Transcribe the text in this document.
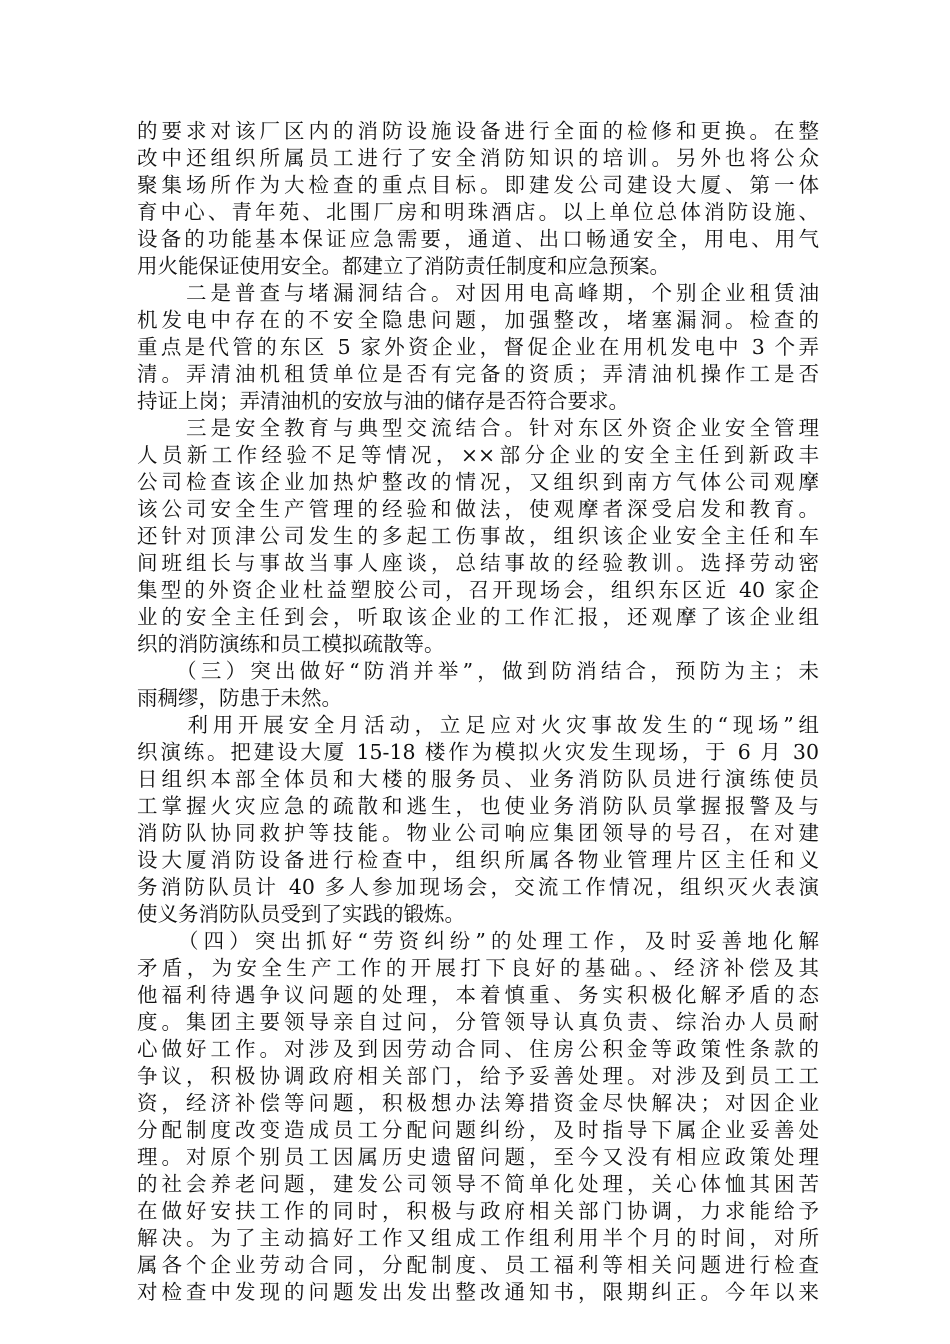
的要求对该厂区内的消防设施设备进行全面的检修和更换。在整
改中还组织所属员工进行了安全消防知识的培训。另外也将公众
聚集场所作为大检查的重点目标。即建发公司建设大厦、第一体
育中心、青年苑、北围厂房和明珠酒店。以上单位总体消防设施、
设备的功能基本保证应急需要，通道、出口畅通安全，用电、用气
用火能保证使用安全。都建立了消防责任制度和应急预案。
　　二是普查与堵漏洞结合。对因用电高峰期，个别企业租赁油
机发电中存在的不安全隐患问题，加强整改，堵塞漏洞。检查的
重点是代管的东区 5 家外资企业，督促企业在用机发电中 3 个弄
清。弄清油机租赁单位是否有完备的资质；弄清油机操作工是否
持证上岗；弄清油机的安放与油的储存是否符合要求。
　　三是安全教育与典型交流结合。针对东区外资企业安全管理
人员新工作经验不足等情况，××部分企业的安全主任到新政丰
公司检查该企业加热炉整改的情况，又组织到南方气体公司观摩
该公司安全生产管理的经验和做法，使观摩者深受启发和教育。
还针对顶津公司发生的多起工伤事故，组织该企业安全主任和车
间班组长与事故当事人座谈，总结事故的经验教训。选择劳动密
集型的外资企业杜益塑胶公司，召开现场会，组织东区近 40 家企
业的安全主任到会，听取该企业的工作汇报，还观摩了该企业组
织的消防演练和员工模拟疏散等。
　　（三）突出做好“防消并举”，做到防消结合，预防为主；未
雨稠缪，防患于未然。
　　利用开展安全月活动，立足应对火灾事故发生的“现场”组
织演练。把建设大厦 15-18 楼作为模拟火灾发生现场，于 6 月 30
日组织本部全体员和大楼的服务员、业务消防队员进行演练使员
工掌握火灾应急的疏散和逃生，也使业务消防队员掌握报警及与
消防队协同救护等技能。物业公司响应集团领导的号召，在对建
设大厦消防设备进行检查中，组织所属各物业管理片区主任和义
务消防队员计 40 多人参加现场会，交流工作情况，组织灭火表演
使义务消防队员受到了实践的锻炼。
　　（四）突出抓好“劳资纠纷”的处理工作，及时妥善地化解
矛盾，为安全生产工作的开展打下良好的基础。、经济补偿及其
他福利待遇争议问题的处理，本着慎重、务实积极化解矛盾的态
度。集团主要领导亲自过问，分管领导认真负责、综治办人员耐
心做好工作。对涉及到因劳动合同、住房公积金等政策性条款的
争议，积极协调政府相关部门，给予妥善处理。对涉及到员工工
资，经济补偿等问题，积极想办法筹措资金尽快解决；对因企业
分配制度改变造成员工分配问题纠纷，及时指导下属企业妥善处
理。对原个别员工因属历史遗留问题，至今又没有相应政策处理
的社会养老问题，建发公司领导不简单化处理，关心体恤其困苦
在做好安扶工作的同时，积极与政府相关部门协调，力求能给予
解决。为了主动搞好工作又组成工作组利用半个月的时间，对所
属各个企业劳动合同，分配制度、员工福利等相关问题进行检查
对检查中发现的问题发出发出整改通知书，限期纠正。今年以来
